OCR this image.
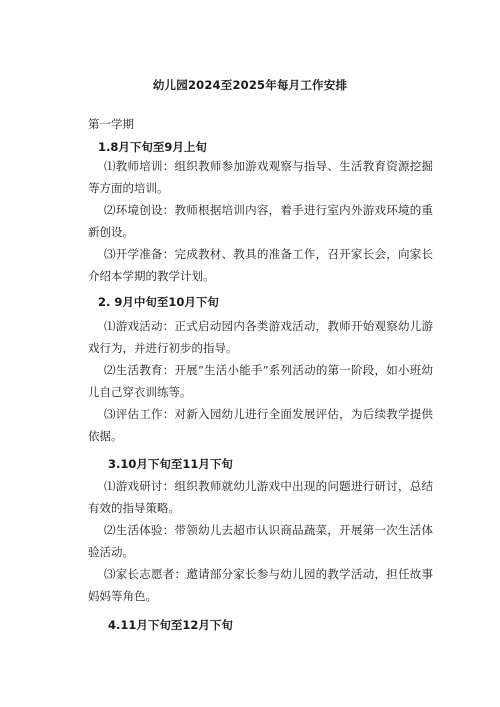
幼儿园2024至2025年每月工作安排
第一学期
1.8月下旬至9月上旬
⑴教师培训：组织教师参加游戏观察与指导、生活教育资源挖掘等方面的培训。
⑵环境创设：教师根据培训内容，着手进行室内外游戏环境的重新创设。
⑶开学准备：完成教材、教具的准备工作，召开家长会，向家长介绍本学期的教学计划。
2. 9月中旬至10月下旬
⑴游戏活动：正式启动园内各类游戏活动，教师开始观察幼儿游戏行为，并进行初步的指导。
⑵生活教育：开展“生活小能手”系列活动的第一阶段，如小班幼儿自己穿衣训练等。
⑶评估工作：对新入园幼儿进行全面发展评估，为后续教学提供依据。
3.10月下旬至11月下旬
⑴游戏研讨：组织教师就幼儿游戏中出现的问题进行研讨，总结有效的指导策略。
⑵生活体验：带领幼儿去超市认识商品蔬菜，开展第一次生活体验活动。
⑶家长志愿者：邀请部分家长参与幼儿园的教学活动，担任故事妈妈等角色。
4.11月下旬至12月下旬
